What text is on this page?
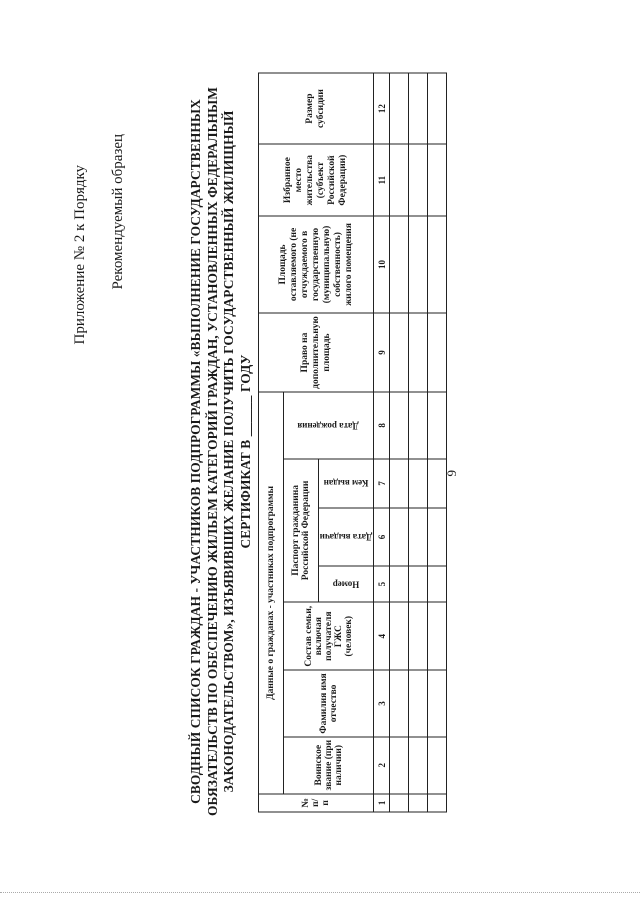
Приложение № 2 к Порядку Рекомендуемый образец
9
СВОДНЫЙ СПИСОК ГРАЖДАН - УЧАСТНИКОВ ПОДПРОГРАММЫ «ВЫПОЛНЕНИЕ ГОСУДАРСТВЕННЫХ ОБЯЗАТЕЛЬСТВ ПО ОБЕСПЕЧЕНИЮ ЖИЛЬЕМ КАТЕГОРИЙ ГРАЖДАН, УСТАНОВЛЕННЫХ ФЕДЕРАЛЬНЫМ ЗАКОНОДАТЕЛЬСТВОМ», ИЗЪЯВИВШИХ ЖЕЛАНИЕ ПОЛУЧИТЬ ГОСУДАРСТВЕННЫЙ ЖИЛИЩНЫЙ СЕРТИФИКАТ В ______ ГОДУ
№ п/п	Данные о гражданах - участниках подпрограммы							Право на дополнительную площадь	Площадь оставляемого (не отчуждаемого в государственную (муниципальную) собственность) жилого помещения	Избранное место жительства (субъект Российской Федерации)	Размер субсидии
	Воинское звание (при наличии)	Фамилия имя отчество	Состав семьи, включая получателя ГЖС (человек)	Паспорт гражданина Российской Федерации			Дата рождения				
				Номер	Дата выдачи	Кем выдан					
1	2	3	4	5	6	7	8	9	10	11	12
